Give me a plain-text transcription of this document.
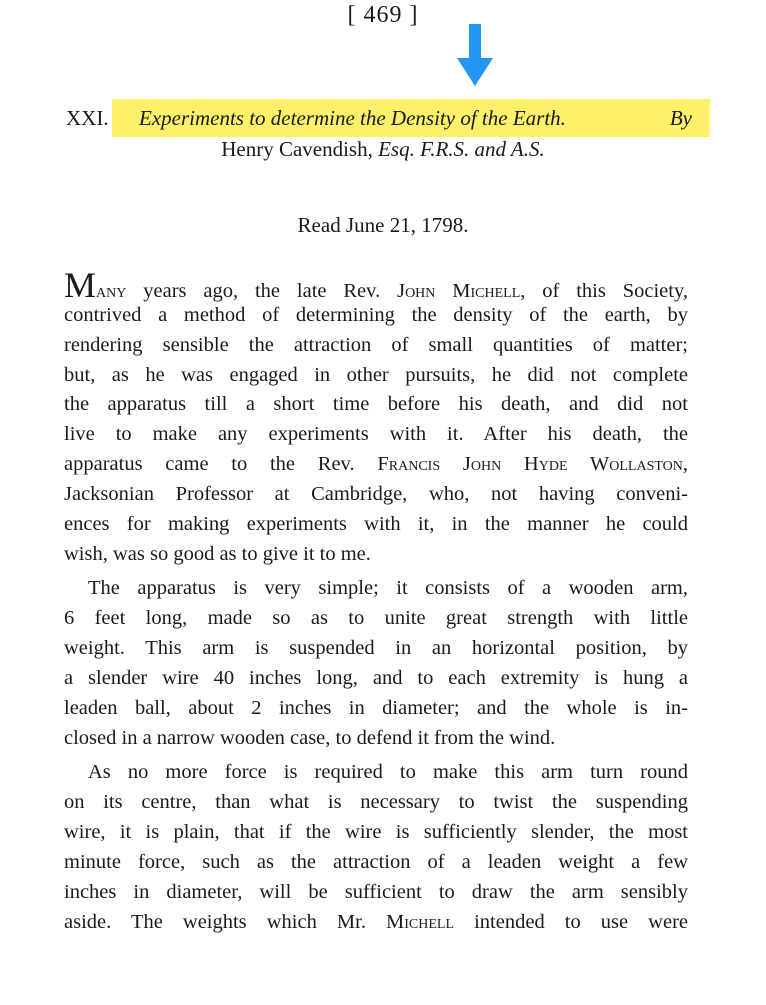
[ 469 ]
XXI. Experiments to determine the Density of the Earth.	By
Henry Cavendish, Esq. F.R.S. and A.S.
Read June 21, 1798.
Many years ago, the late Rev. John Michell, of this Society,
contrived a method of determining the density of the earth, by
rendering sensible the attraction of small quantities of matter;
but, as he was engaged in other pursuits, he did not complete
the apparatus till a short time before his death, and did not
live to make any experiments with it. After his death, the
apparatus came to the Rev. Francis John Hyde Wollaston,
Jacksonian Professor at Cambridge, who, not having conveni-
ences for making experiments with it, in the manner he could
wish, was so good as to give it to me.
The apparatus is very simple; it consists of a wooden arm,
6 feet long, made so as to unite great strength with little
weight. This arm is suspended in an horizontal position, by
a slender wire 40 inches long, and to each extremity is hung a
leaden ball, about 2 inches in diameter; and the whole is in-
closed in a narrow wooden case, to defend it from the wind.
As no more force is required to make this arm turn round
on its centre, than what is necessary to twist the suspending
wire, it is plain, that if the wire is sufficiently slender, the most
minute force, such as the attraction of a leaden weight a few
inches in diameter, will be sufficient to draw the arm sensibly
aside. The weights which Mr. Michell intended to use were
